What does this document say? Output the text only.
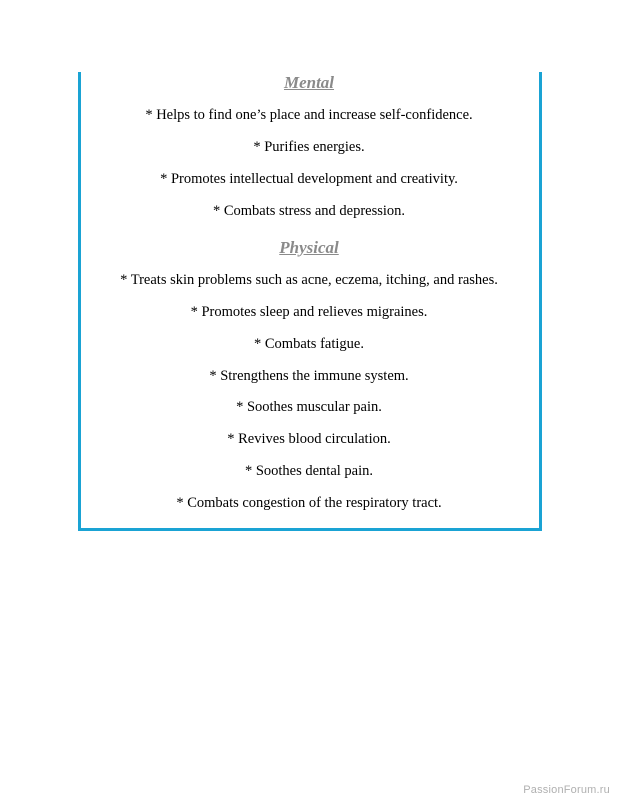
Mental

* Helps to find one’s place and increase self-confidence.

* Purifies energies.

* Promotes intellectual development and creativity.

* Combats stress and depression.

Physical

* Treats skin problems such as acne, eczema, itching, and rashes.

* Promotes sleep and relieves migraines.

* Combats fatigue.

* Strengthens the immune system.

* Soothes muscular pain.

* Revives blood circulation.

* Soothes dental pain.

* Combats congestion of the respiratory tract.

PassionForum.ru
